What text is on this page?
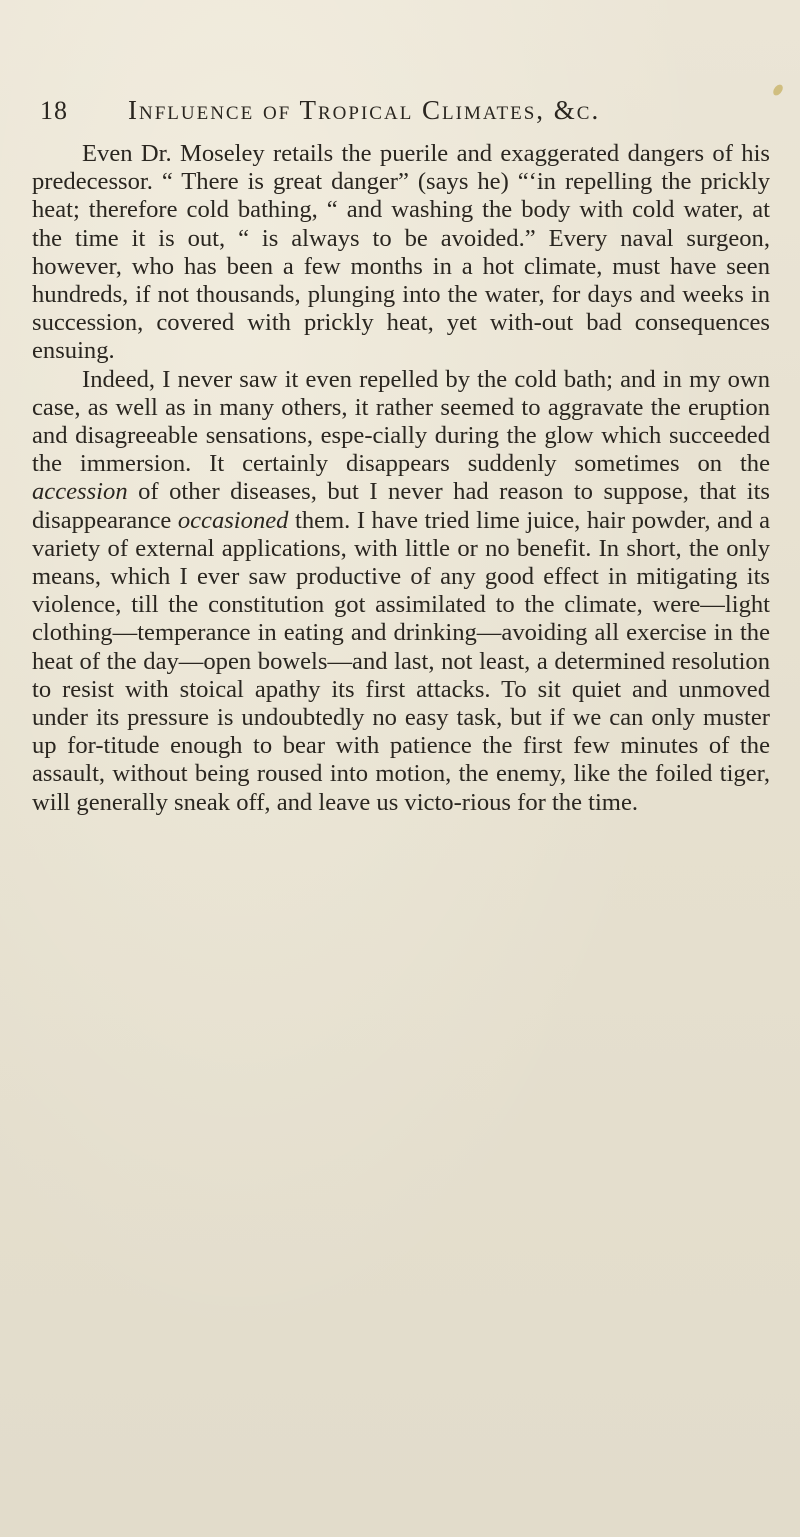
18	Influence of Tropical Climates, &c.

Even Dr. Moseley retails the puerile and exaggerated dangers of his predecessor. “ There is great danger” (says he) “‘in repelling the prickly heat; therefore cold bathing, “ and washing the body with cold water, at the time it is out, “ is always to be avoided.” Every naval surgeon, however, who has been a few months in a hot climate, must have seen hundreds, if not thousands, plunging into the water, for days and weeks in succession, covered with prickly heat, yet with-out bad consequences ensuing.

Indeed, I never saw it even repelled by the cold bath; and in my own case, as well as in many others, it rather seemed to aggravate the eruption and disagreeable sensations, espe-cially during the glow which succeeded the immersion. It certainly disappears suddenly sometimes on the accession of other diseases, but I never had reason to suppose, that its disappearance occasioned them. I have tried lime juice, hair powder, and a variety of external applications, with little or no benefit. In short, the only means, which I ever saw productive of any good effect in mitigating its violence, till the constitution got assimilated to the climate, were—light clothing—temperance in eating and drinking—avoiding all exercise in the heat of the day—open bowels—and last, not least, a determined resolution to resist with stoical apathy its first attacks. To sit quiet and unmoved under its pressure is undoubtedly no easy task, but if we can only muster up for-titude enough to bear with patience the first few minutes of the assault, without being roused into motion, the enemy, like the foiled tiger, will generally sneak off, and leave us victo-rious for the time.
